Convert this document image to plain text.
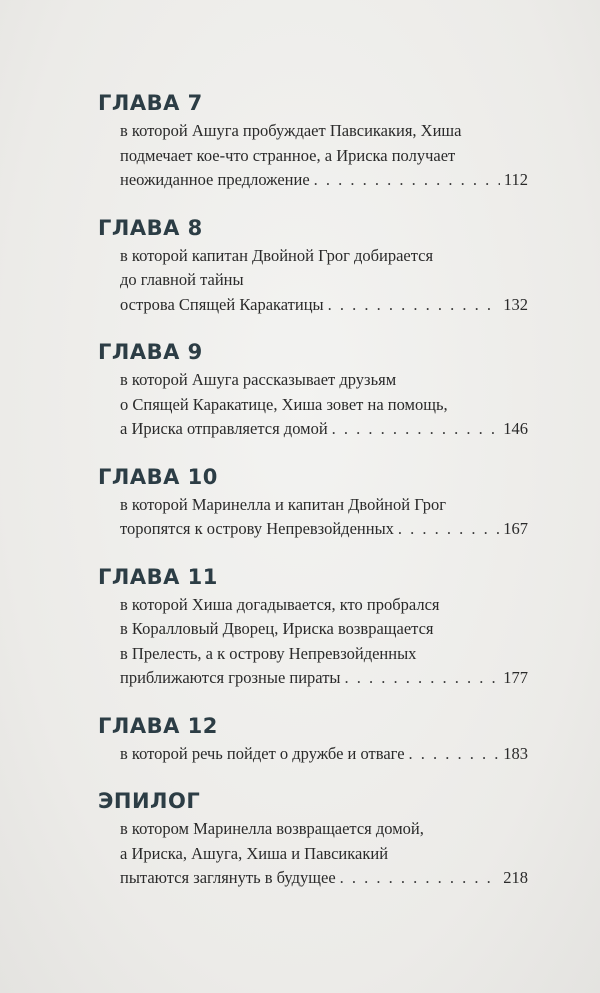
ГЛАВА 7
в которой Ашуга пробуждает Павсикакия, Хиша
подмечает кое-что странное, а Ириска получает
неожиданное предложение . . .	112
ГЛАВА 8
в которой капитан Двойной Грог добирается
до главной тайны
острова Спящей Каракатицы . . .	132
ГЛАВА 9
в которой Ашуга рассказывает друзьям
о Спящей Каракатице, Хиша зовет на помощь,
а Ириска отправляется домой . . .	146
ГЛАВА 10
в которой Маринелла и капитан Двойной Грог
торопятся к острову Непревзойденных . . .	167
ГЛАВА 11
в которой Хиша догадывается, кто пробрался
в Коралловый Дворец, Ириска возвращается
в Прелесть, а к острову Непревзойденных
приближаются грозные пираты . . .	177
ГЛАВА 12
в которой речь пойдет о дружбе и отваге . . .	183
ЭПИЛОГ
в котором Маринелла возвращается домой,
а Ириска, Ашуга, Хиша и Павсикакий
пытаются заглянуть в будущее . . .	218
